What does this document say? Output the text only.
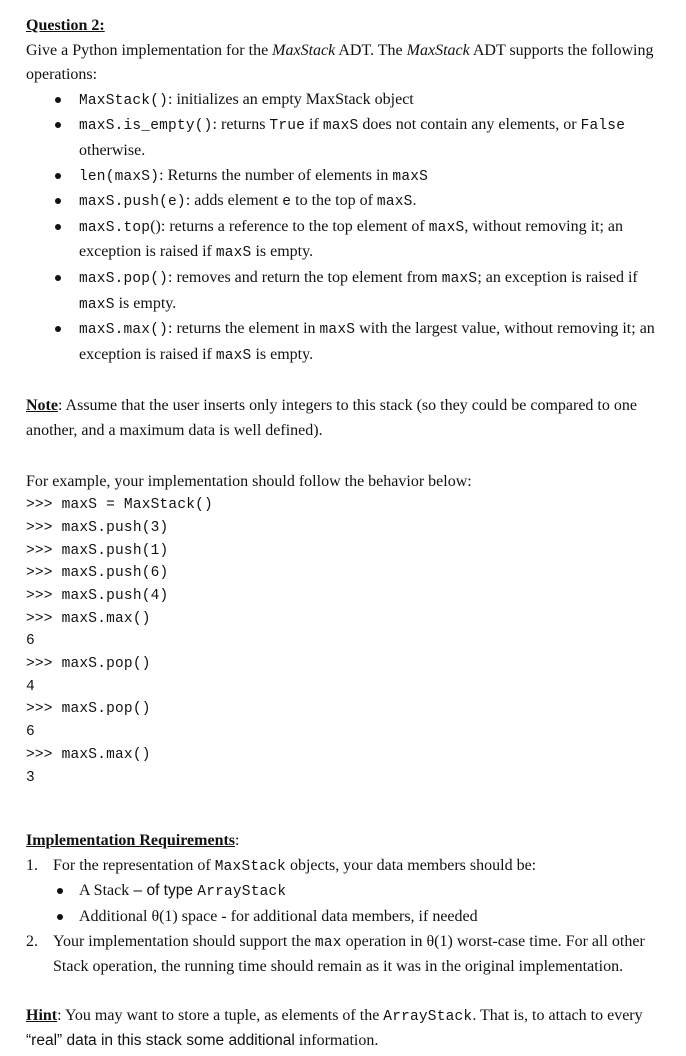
Question 2:
Give a Python implementation for the MaxStack ADT. The MaxStack ADT supports the following operations:
MaxStack(): initializes an empty MaxStack object
maxS.is_empty(): returns True if maxS does not contain any elements, or False otherwise.
len(maxS): Returns the number of elements in maxS
maxS.push(e): adds element e to the top of maxS.
maxS.top(): returns a reference to the top element of maxS, without removing it; an exception is raised if maxS is empty.
maxS.pop(): removes and return the top element from maxS; an exception is raised if maxS is empty.
maxS.max(): returns the element in maxS with the largest value, without removing it; an exception is raised if maxS is empty.
Note: Assume that the user inserts only integers to this stack (so they could be compared to one another, and a maximum data is well defined).
For example, your implementation should follow the behavior below:
>>> maxS = MaxStack()
>>> maxS.push(3)
>>> maxS.push(1)
>>> maxS.push(6)
>>> maxS.push(4)
>>> maxS.max()
6
>>> maxS.pop()
4
>>> maxS.pop()
6
>>> maxS.max()
3
Implementation Requirements:
1. For the representation of MaxStack objects, your data members should be:
A Stack – of type ArrayStack
Additional θ(1) space - for additional data members, if needed
2. Your implementation should support the max operation in θ(1) worst-case time. For all other Stack operation, the running time should remain as it was in the original implementation.
Hint: You may want to store a tuple, as elements of the ArrayStack. That is, to attach to every “real” data in this stack some additional information.
